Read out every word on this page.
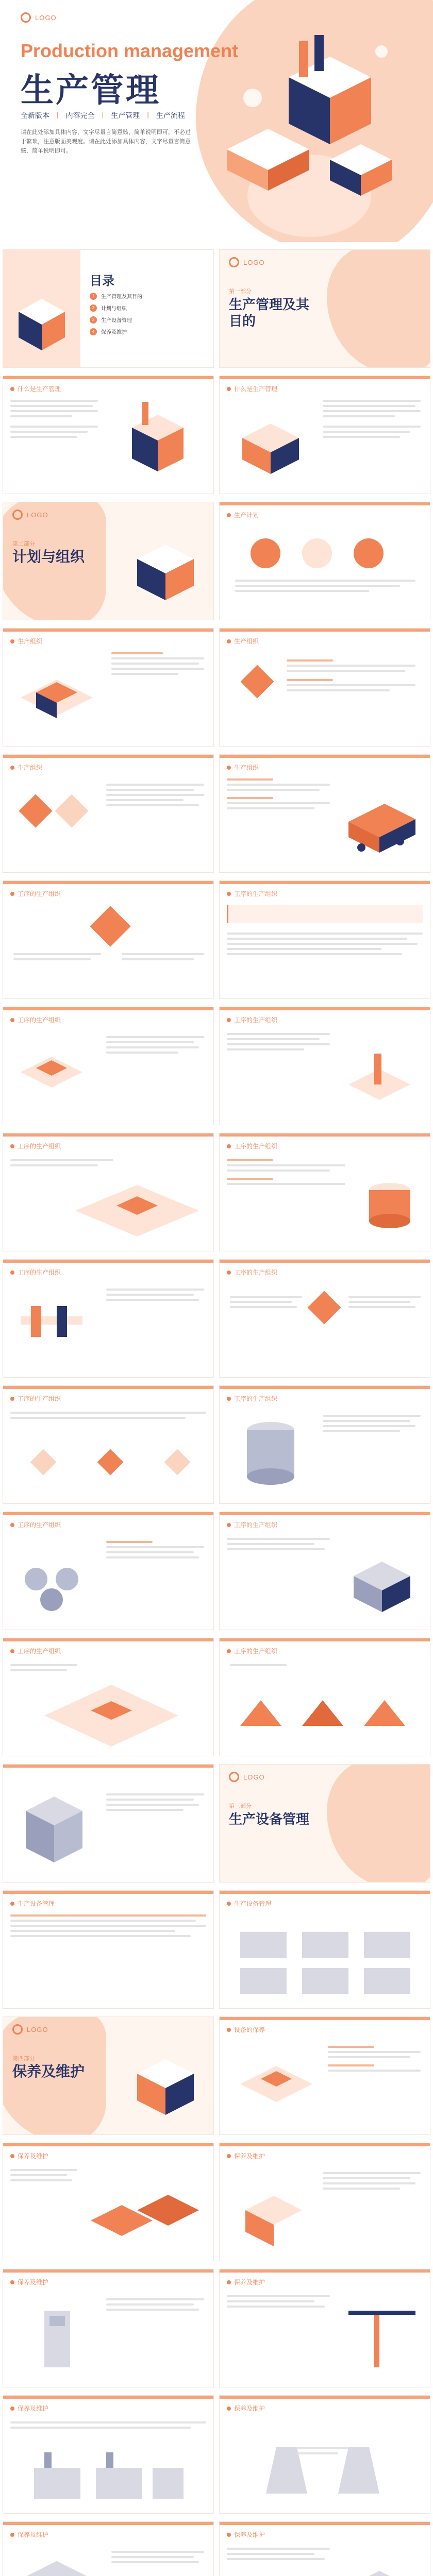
LOGO
Production management
生产管理
全新版本 | 内容完全 | 生产管理 | 生产流程
请在此处添加具体内容，文字尽量言简意赅，简单说明即可，不必过于繁琐，注意版面美观度。请在此处添加具体内容，文字尽量言简意赅，简单说明即可。
目录
1	生产管理及其目的
2	计划与组织
3	生产设备管理
4	保养及维护
LOGO
第一部分
生产管理及其目的
什么是生产管理	什么是生产管理
LOGO
第二部分
计划与组织
生产计划
生产组织	生产组织
生产组织	生产组织
工序的生产组织	工序的生产组织
工序的生产组织	工序的生产组织
工序的生产组织	工序的生产组织
工序的生产组织	工序的生产组织
工序的生产组织	工序的生产组织
工序的生产组织	工序的生产组织
工序的生产组织	工序的生产组织
LOGO
第三部分
生产设备管理
生产设备管理	生产设备管理
LOGO
第四部分
保养及维护
设备的保养
保养及维护	保养及维护
保养及维护	保养及维护
保养及维护	保养及维护
保养及维护	保养及维护
